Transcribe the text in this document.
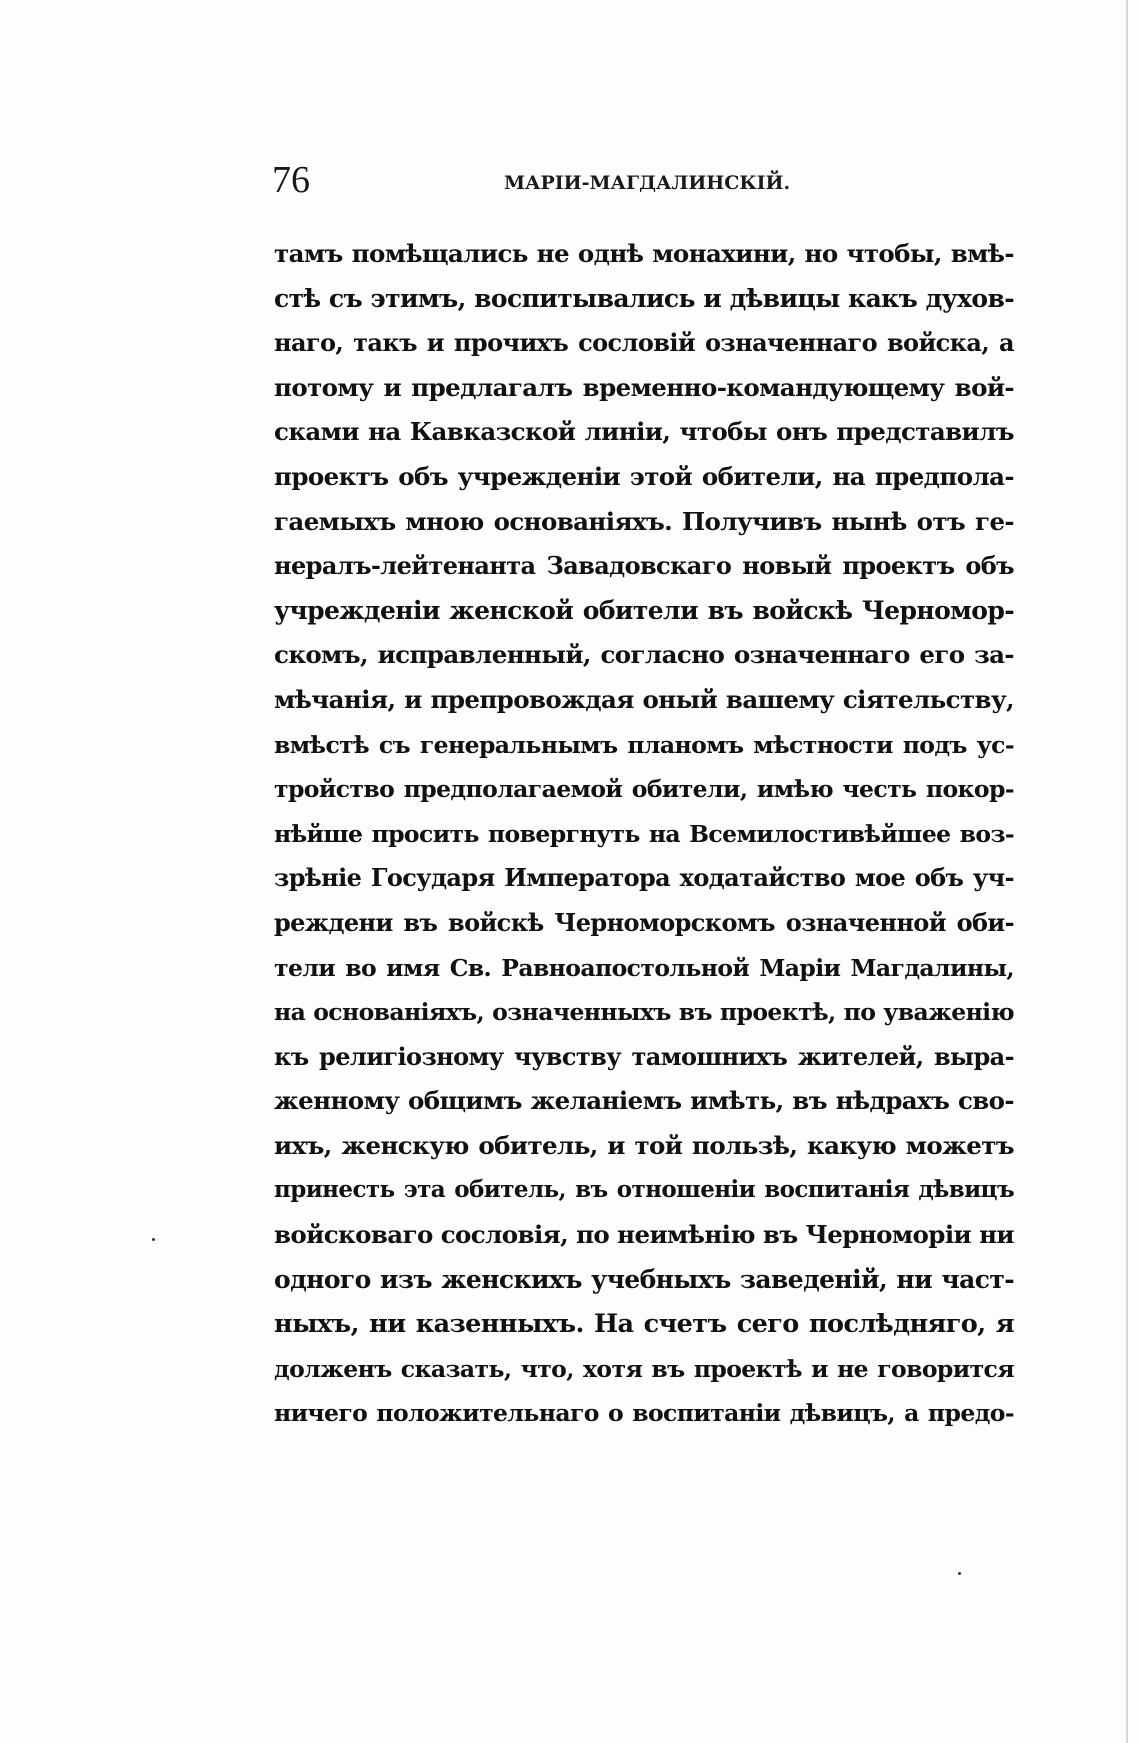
76	МАРІИ-МАГДАЛИНСКІЙ.
тамъ помѣщались не однѣ монахини, но чтобы, вмѣ-
стѣ съ этимъ, воспитывались и дѣвицы какъ духов-
наго, такъ и прочихъ сословій означеннаго войска, а
потому и предлагалъ временно-командующему вой-
сками на Кавказской линіи, чтобы онъ представилъ
проектъ объ учрежденіи этой обители, на предпола-
гаемыхъ мною основаніяхъ. Получивъ нынѣ отъ ге-
нералъ-лейтенанта Завадовскаго новый проектъ объ
учрежденіи женской обители въ войскѣ Черномор-
скомъ, исправленный, согласно означеннаго его за-
мѣчанія, и препровождая оный вашему сіятельству,
вмѣстѣ съ генеральнымъ планомъ мѣстности подъ ус-
тройство предполагаемой обители, имѣю честь покор-
нѣйше просить повергнуть на Всемилостивѣйшее воз-
зрѣніе Государя Императора ходатайство мое объ уч-
реждени въ войскѣ Черноморскомъ означенной оби-
тели во имя Св. Равноапостольной Маріи Магдалины,
на основаніяхъ, означенныхъ въ проектѣ, по уваженію
къ религіозному чувству тамошнихъ жителей, выра-
женному общимъ желаніемъ имѣть, въ нѣдрахъ сво-
ихъ, женскую обитель, и той пользѣ, какую можетъ
принесть эта обитель, въ отношеніи воспитанія дѣвицъ
войсковаго сословія, по неимѣнію въ Черноморіи ни
одного изъ женскихъ учебныхъ заведеній, ни част-
ныхъ, ни казенныхъ. На счетъ сего послѣдняго, я
долженъ сказать, что, хотя въ проектѣ и не говорится
ничего положительнаго о воспитаніи дѣвицъ, а предо-
